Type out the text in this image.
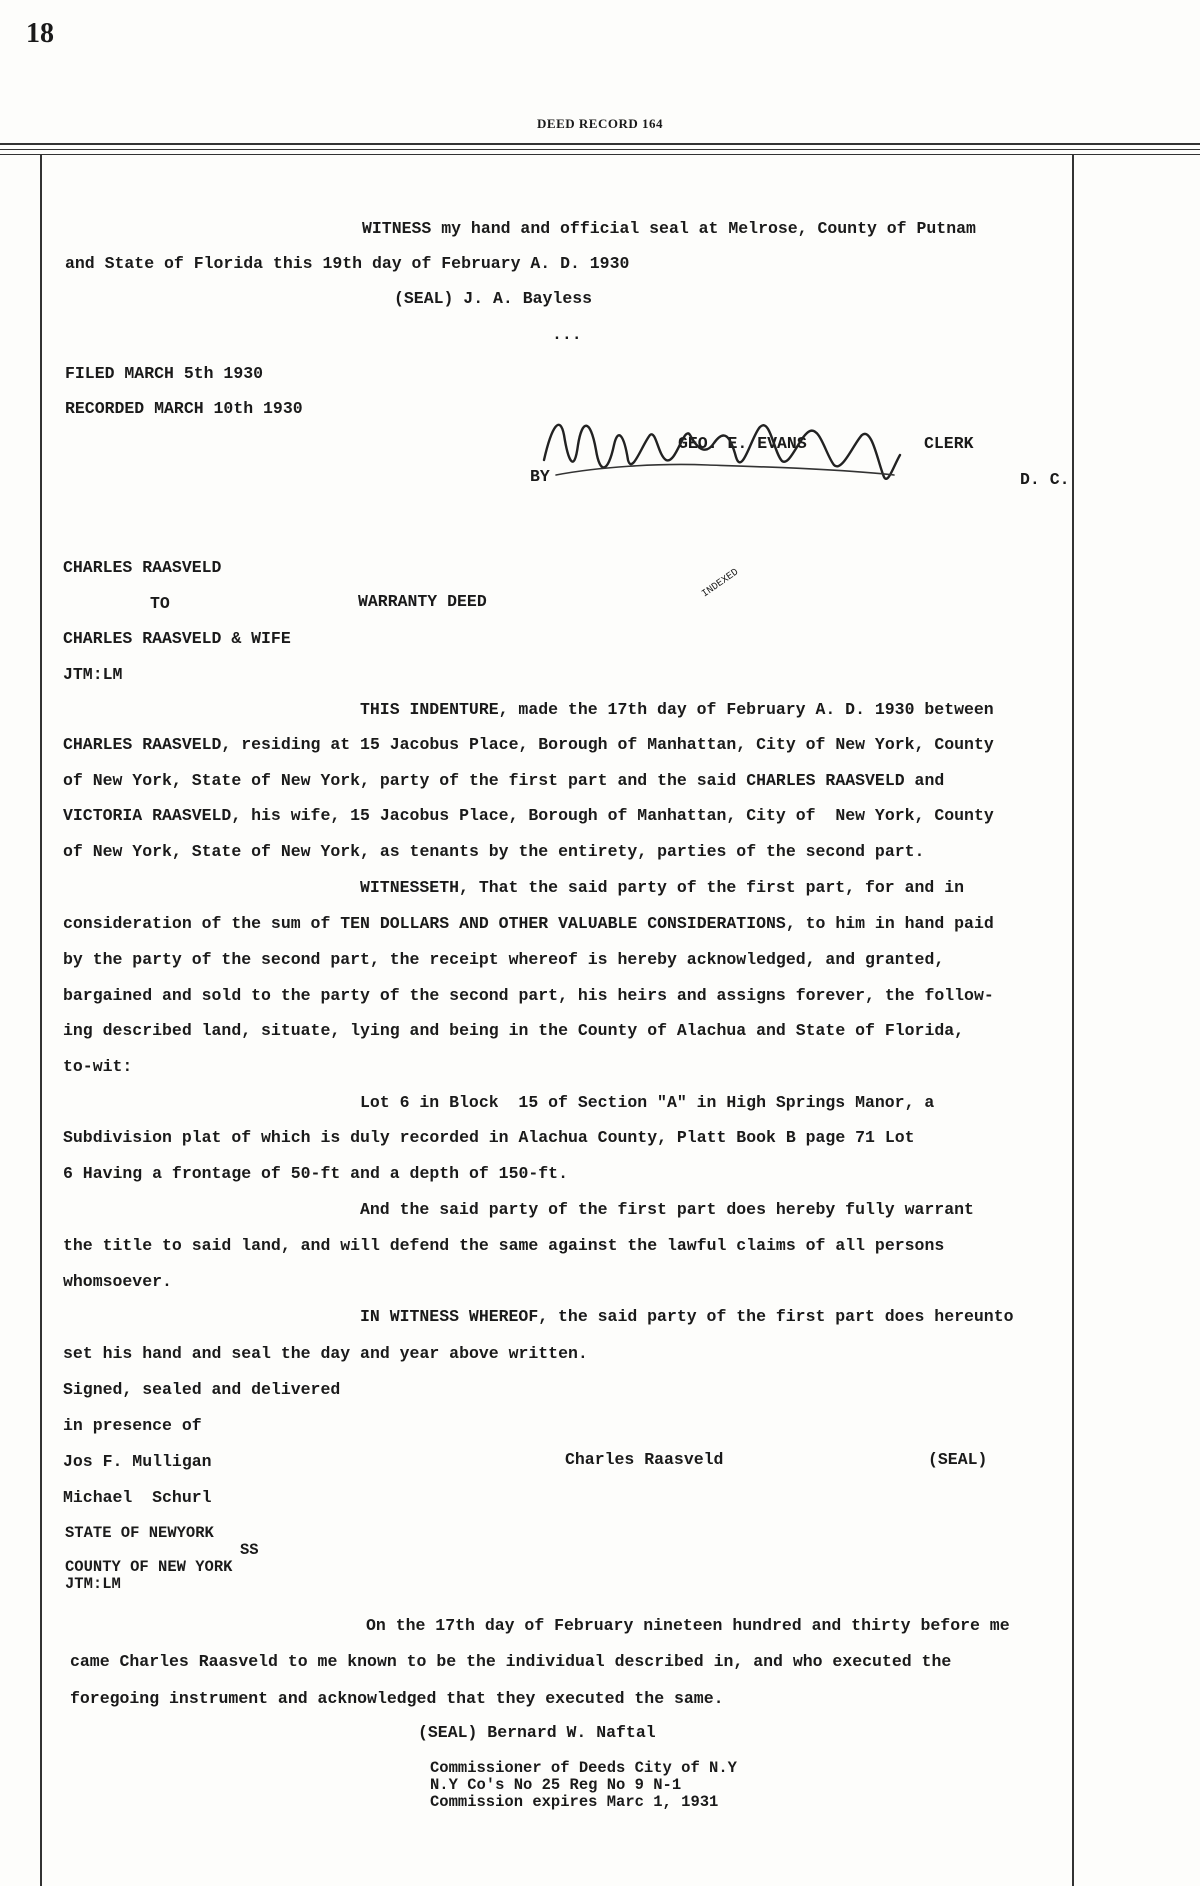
18
DEED RECORD 164
WITNESS my hand and official seal at Melrose, County of Putnam
and State of Florida this 19th day of February A. D. 1930
(SEAL) J. A. Bayless
...
FILED MARCH 5th 1930
RECORDED MARCH 10th 1930
GEO. E. EVANS	CLERK
BY	D. C.
CHARLES RAASVELD
TO	WARRANTY DEED
INDEXED
CHARLES RAASVELD & WIFE
JTM:LM
THIS INDENTURE, made the 17th day of February A. D. 1930 between
CHARLES RAASVELD, residing at 15 Jacobus Place, Borough of Manhattan, City of New York, County
of New York, State of New York, party of the first part and the said CHARLES RAASVELD and
VICTORIA RAASVELD, his wife, 15 Jacobus Place, Borough of Manhattan, City of  New York, County
of New York, State of New York, as tenants by the entirety, parties of the second part.
WITNESSETH, That the said party of the first part, for and in
consideration of the sum of TEN DOLLARS AND OTHER VALUABLE CONSIDERATIONS, to him in hand paid
by the party of the second part, the receipt whereof is hereby acknowledged, and granted,
bargained and sold to the party of the second part, his heirs and assigns forever, the follow-
ing described land, situate, lying and being in the County of Alachua and State of Florida,
to-wit:
Lot 6 in Block  15 of Section "A" in High Springs Manor, a
Subdivision plat of which is duly recorded in Alachua County, Platt Book B page 71 Lot
6 Having a frontage of 50-ft and a depth of 150-ft.
And the said party of the first part does hereby fully warrant
the title to said land, and will defend the same against the lawful claims of all persons
whomsoever.
IN WITNESS WHEREOF, the said party of the first part does hereunto
set his hand and seal the day and year above written.
Signed, sealed and delivered
in presence of
Jos F. Mulligan	Charles Raasveld	(SEAL)
Michael  Schurl
STATE OF NEWYORK
SS
COUNTY OF NEW YORK
JTM:LM
On the 17th day of February nineteen hundred and thirty before me
came Charles Raasveld to me known to be the individual described in, and who executed the
foregoing instrument and acknowledged that they executed the same.
(SEAL) Bernard W. Naftal
Commissioner of Deeds City of N.Y
N.Y Co's No 25 Reg No 9 N-1
Commission expires Marc 1, 1931
